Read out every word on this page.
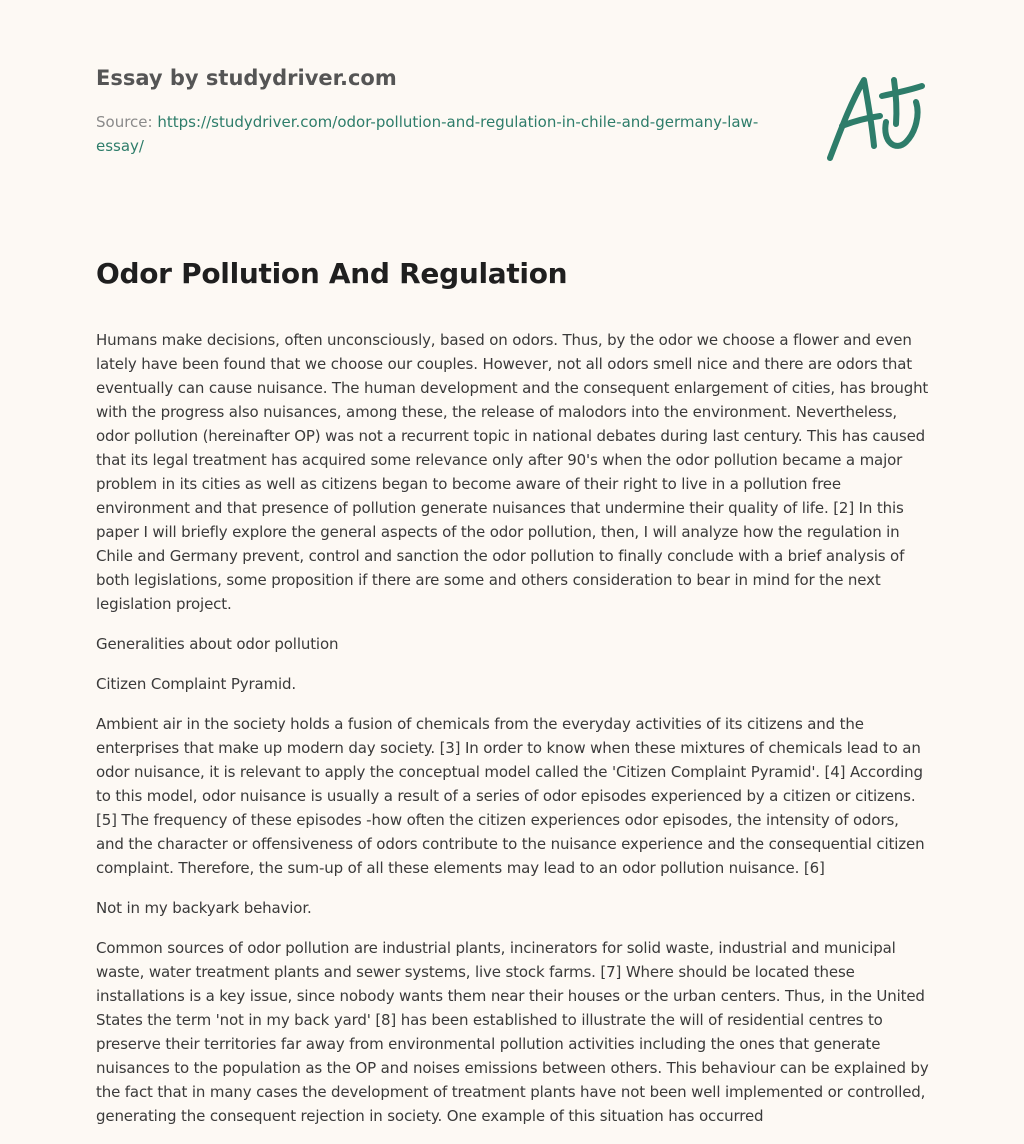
Essay by studydriver.com
Source: https://studydriver.com/odor-pollution-and-regulation-in-chile-and-germany-law-essay/
Odor Pollution And Regulation

Humans make decisions, often unconsciously, based on odors. Thus, by the odor we choose a flower and even lately have been found that we choose our couples. However, not all odors smell nice and there are odors that eventually can cause nuisance. The human development and the consequent enlargement of cities, has brought with the progress also nuisances, among these, the release of malodors into the environment. Nevertheless, odor pollution (hereinafter OP) was not a recurrent topic in national debates during last century. This has caused that its legal treatment has acquired some relevance only after 90's when the odor pollution became a major problem in its cities as well as citizens began to become aware of their right to live in a pollution free environment and that presence of pollution generate nuisances that undermine their quality of life. [2] In this paper I will briefly explore the general aspects of the odor pollution, then, I will analyze how the regulation in Chile and Germany prevent, control and sanction the odor pollution to finally conclude with a brief analysis of both legislations, some proposition if there are some and others consideration to bear in mind for the next legislation project.

Generalities about odor pollution

Citizen Complaint Pyramid.

Ambient air in the society holds a fusion of chemicals from the everyday activities of its citizens and the enterprises that make up modern day society. [3] In order to know when these mixtures of chemicals lead to an odor nuisance, it is relevant to apply the conceptual model called the 'Citizen Complaint Pyramid'. [4] According to this model, odor nuisance is usually a result of a series of odor episodes experienced by a citizen or citizens. [5] The frequency of these episodes -how often the citizen experiences odor episodes, the intensity of odors, and the character or offensiveness of odors contribute to the nuisance experience and the consequential citizen complaint. Therefore, the sum-up of all these elements may lead to an odor pollution nuisance. [6]

Not in my backyark behavior.

Common sources of odor pollution are industrial plants, incinerators for solid waste, industrial and municipal waste, water treatment plants and sewer systems, live stock farms. [7] Where should be located these installations is a key issue, since nobody wants them near their houses or the urban centers. Thus, in the United States the term 'not in my back yard' [8] has been established to illustrate the will of residential centres to preserve their territories far away from environmental pollution activities including the ones that generate nuisances to the population as the OP and noises emissions between others. This behaviour can be explained by the fact that in many cases the development of treatment plants have not been well implemented or controlled, generating the consequent rejection in society. One example of this situation has occurred
